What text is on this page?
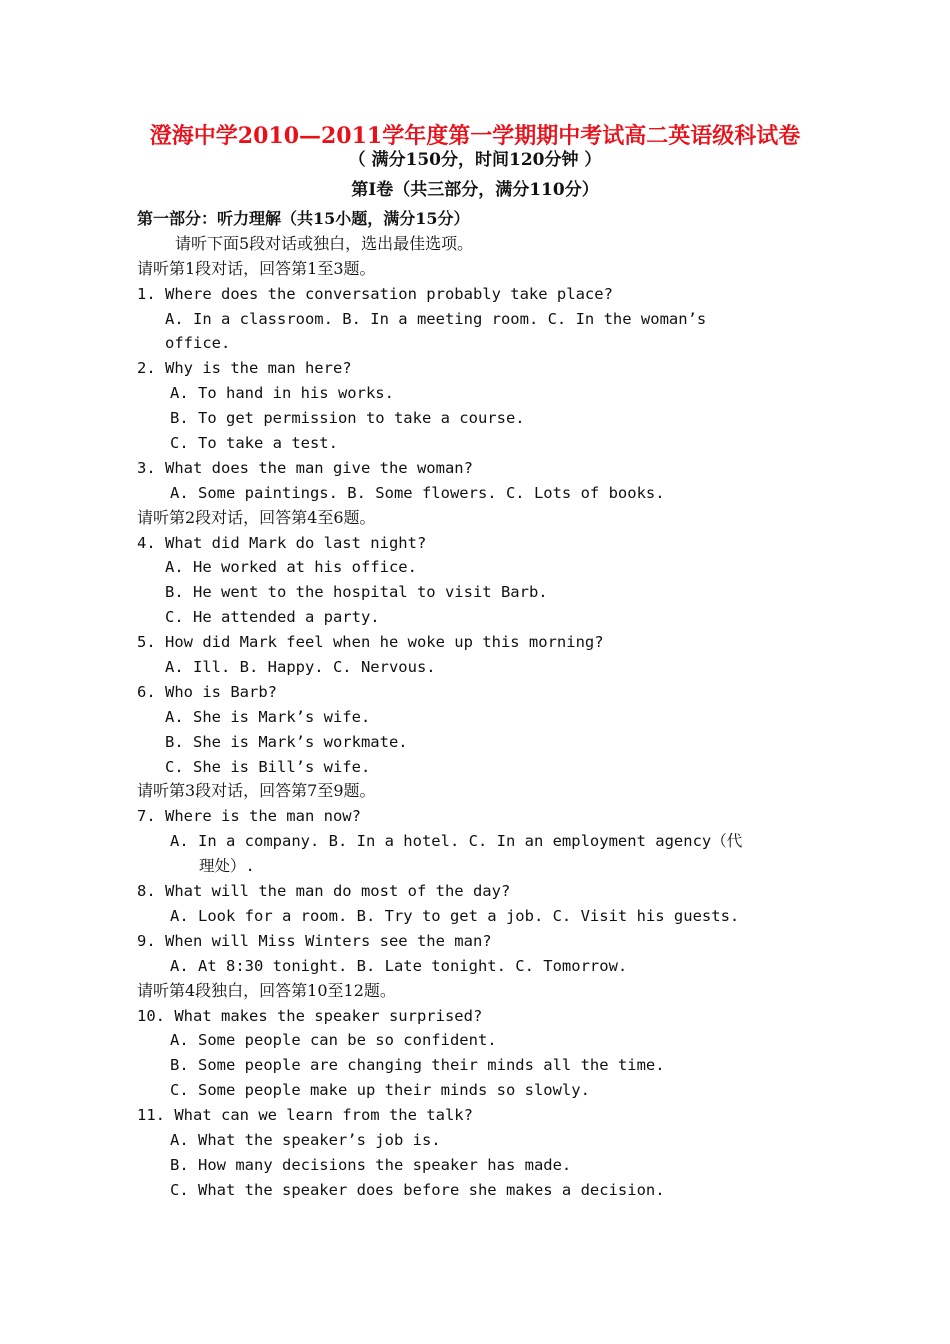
澄海中学2010—2011学年度第一学期期中考试高二英语级科试卷
（ 满分150分，时间120分钟 ）
第Ⅰ卷（共三部分，满分110分）
第一部分：听力理解（共15小题，满分15分）
请听下面5段对话或独白，选出最佳选项。
请听第1段对话，回答第1至3题。
1. Where does the conversation probably take place?
A. In a classroom. B. In a meeting room. C. In the woman’s
office.
2. Why is the man here?
A. To hand in his works.
B. To get permission to take a course.
C. To take a test.
3. What does the man give the woman?
A. Some paintings. B. Some flowers. C. Lots of books.
请听第2段对话，回答第4至6题。
4. What did Mark do last night?
A. He worked at his office.
B. He went to the hospital to visit Barb.
C. He attended a party.
5. How did Mark feel when he woke up this morning?
A. Ill. B. Happy. C. Nervous.
6. Who is Barb?
A. She is Mark’s wife.
B. She is Mark’s workmate.
C. She is Bill’s wife.
请听第3段对话，回答第7至9题。
7. Where is the man now?
A. In a company. B. In a hotel. C. In an employment agency（代
理处）.
8. What will the man do most of the day?
A. Look for a room. B. Try to get a job. C. Visit his guests.
9. When will Miss Winters see the man?
A. At 8:30 tonight. B. Late tonight. C. Tomorrow.
请听第4段独白，回答第10至12题。
10. What makes the speaker surprised?
A. Some people can be so confident.
B. Some people are changing their minds all the time.
C. Some people make up their minds so slowly.
11. What can we learn from the talk?
A. What the speaker’s job is.
B. How many decisions the speaker has made.
C. What the speaker does before she makes a decision.
